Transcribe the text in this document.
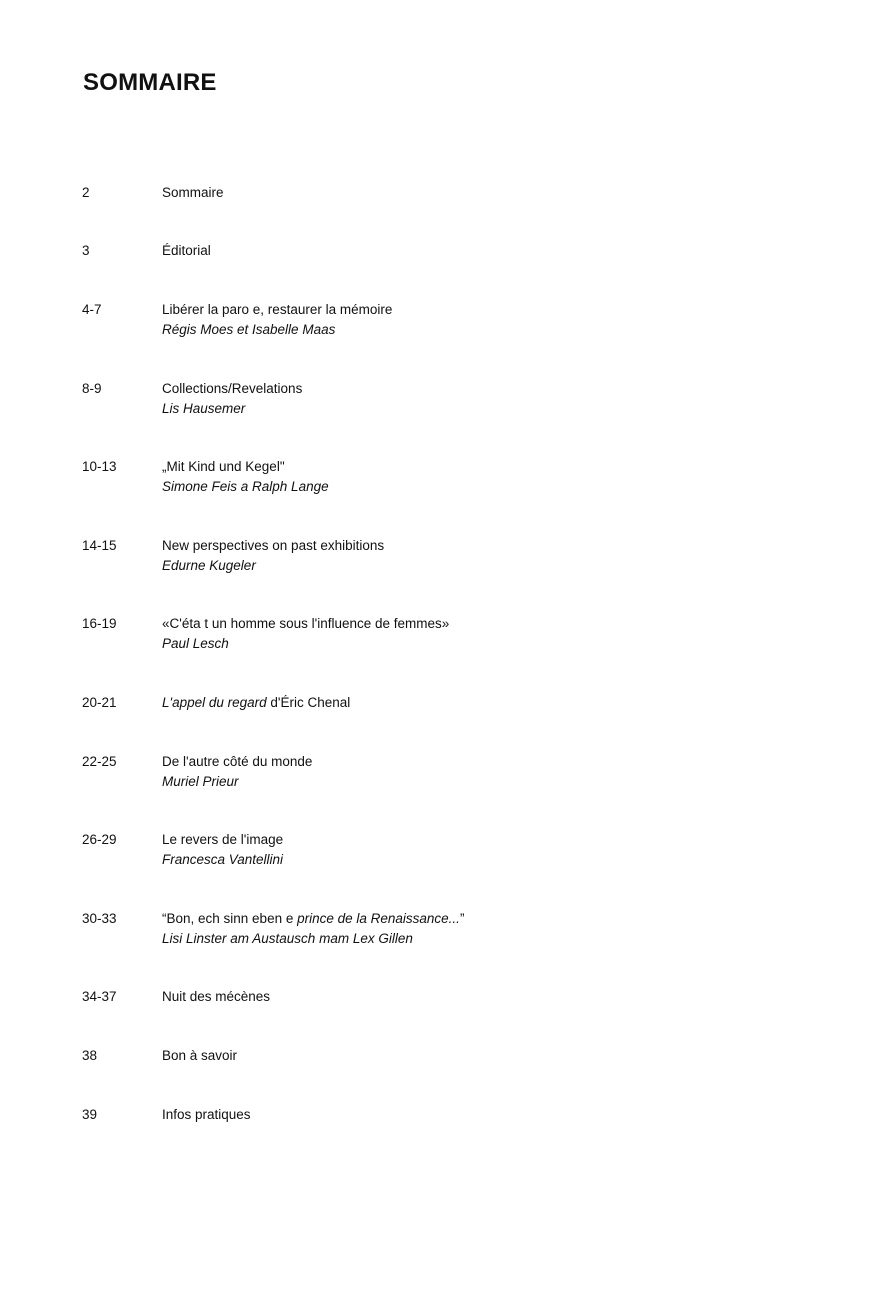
SOMMAIRE
2	Sommaire
3	Éditorial
4-7	Libérer la paro e, restaurer la mémoire
Régis Moes et Isabelle Maas
8-9	Collections/Revelations
Lis Hausemer
10-13	„Mit Kind und Kegel"
Simone Feis a Ralph Lange
14-15	New perspectives on past exhibitions
Edurne Kugeler
16-19	«C'éta t un homme sous l'influence de femmes»
Paul Lesch
20-21	L'appel du regard d'Éric Chenal
22-25	De l'autre côté du monde
Muriel Prieur
26-29	Le revers de l'image
Francesca Vantellini
30-33	“Bon, ech sinn eben e prince de la Renaissance...”
Lisi Linster am Austausch mam Lex Gillen
34-37	Nuit des mécènes
38	Bon à savoir
39	Infos pratiques
